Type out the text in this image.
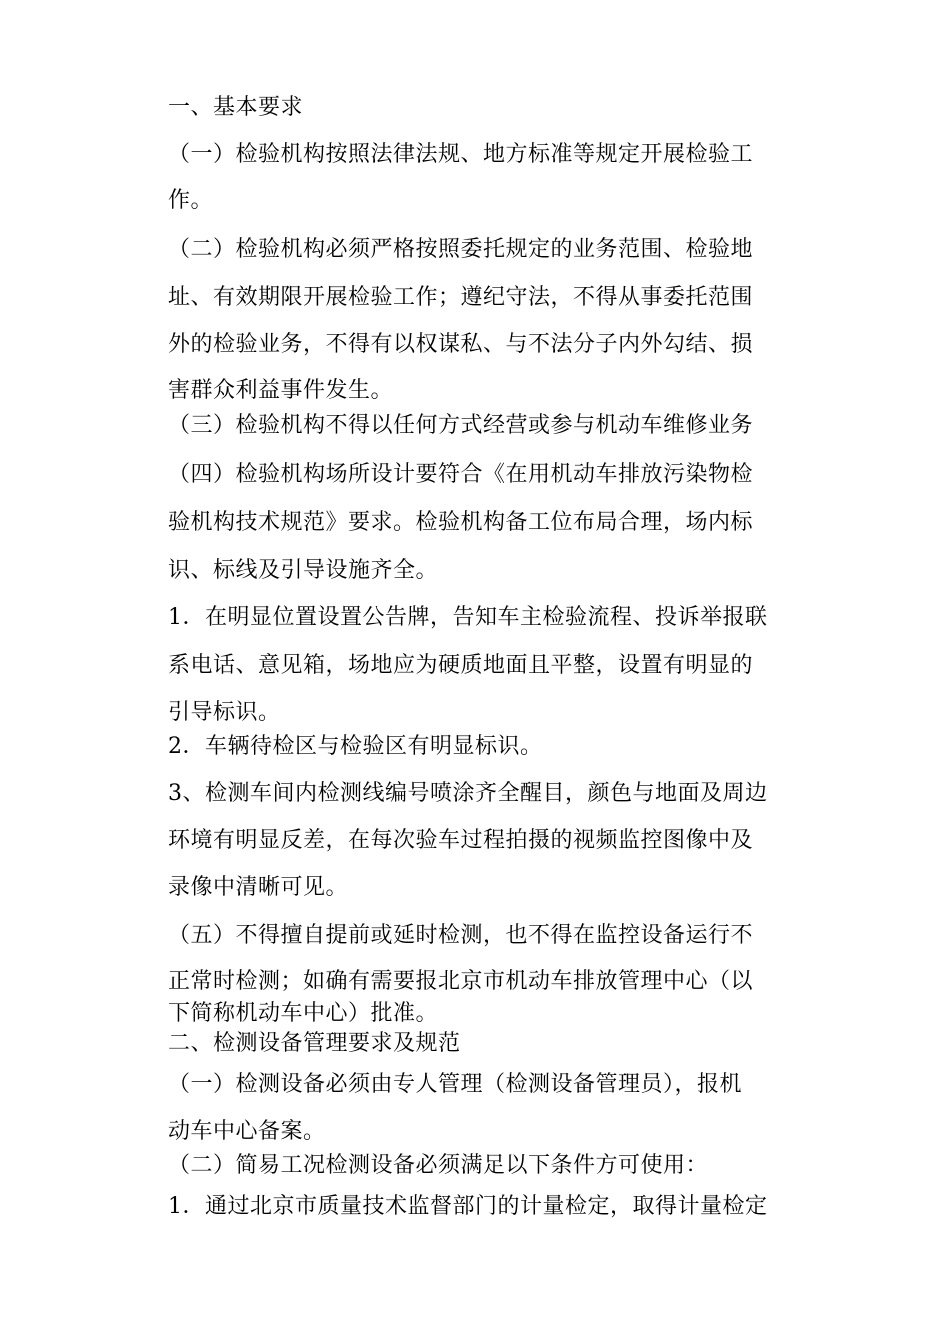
一、基本要求
（一）检验机构按照法律法规、地方标准等规定开展检验工
作。
（二）检验机构必须严格按照委托规定的业务范围、检验地
址、有效期限开展检验工作；遵纪守法，不得从事委托范围
外的检验业务，不得有以权谋私、与不法分子内外勾结、损
害群众利益事件发生。
（三）检验机构不得以任何方式经营或参与机动车维修业务
（四）检验机构场所设计要符合《在用机动车排放污染物检
验机构技术规范》要求。检验机构备工位布局合理，场内标
识、标线及引导设施齐全。
1．在明显位置设置公告牌，告知车主检验流程、投诉举报联
系电话、意见箱，场地应为硬质地面且平整，设置有明显的
引导标识。
2．车辆待检区与检验区有明显标识。
3、检测车间内检测线编号喷涂齐全醒目，颜色与地面及周边
环境有明显反差，在每次验车过程拍摄的视频监控图像中及
录像中清晰可见。
（五）不得擅自提前或延时检测，也不得在监控设备运行不
正常时检测；如确有需要报北京市机动车排放管理中心（以
下简称机动车中心）批准。
二、检测设备管理要求及规范
（一）检测设备必须由专人管理（检测设备管理员），报机
动车中心备案。
（二）简易工况检测设备必须满足以下条件方可使用：
1．通过北京市质量技术监督部门的计量检定，取得计量检定
